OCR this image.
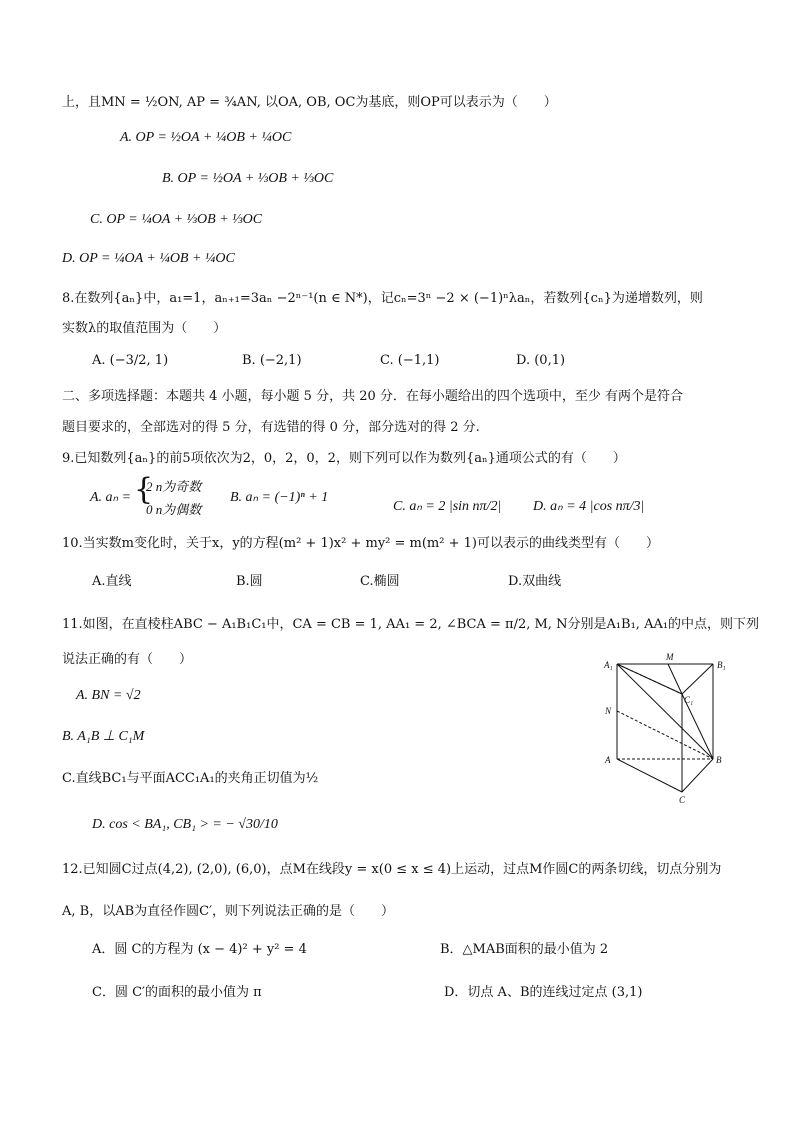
上，且MN = ½ON, AP = ¾AN, 以OA, OB, OC为基底，则OP可以表示为（　　）
A. OP = ½OA + ¼OB + ¼OC
B. OP = ½OA + ⅓OB + ⅓OC
C. OP = ¼OA + ⅓OB + ⅓OC
D. OP = ¼OA + ¼OB + ¼OC
8.在数列{aₙ}中，a₁=1，aₙ₊₁=3aₙ −2ⁿ⁻¹(n ∈ N*)，记cₙ=3ⁿ −2 × (−1)ⁿλaₙ，若数列{cₙ}为递增数列，则
实数λ的取值范围为（　　）
A. (−3/2, 1)	B. (−2,1)	C. (−1,1)	D. (0,1)
二、多项选择题：本题共 4 小题，每小题 5 分，共 20 分．在每小题给出的四个选项中，至少 有两个是符合
题目要求的，全部选对的得 5 分，有选错的得 0 分，部分选对的得 2 分.
9.已知数列{aₙ}的前5项依次为2，0，2，0，2，则下列可以作为数列{aₙ}通项公式的有（　　）
A. aₙ = {
2 n为奇数
0 n为偶数
B. aₙ = (−1)ⁿ + 1
C. aₙ = 2 |sin nπ/2| D. aₙ = 4 |cos nπ/3|
10.当实数m变化时，关于x，y的方程(m² + 1)x² + my² = m(m² + 1)可以表示的曲线类型有（　　）
A.直线	B.圆	C.椭圆	D.双曲线
11.如图，在直棱柱ABC − A₁B₁C₁中，CA = CB = 1, AA₁ = 2, ∠BCA = π/2, M, N分别是A₁B₁, AA₁的中点，则下列
说法正确的有（　　）
A. BN = √2
B. A₁B ⊥ C₁M
C.直线BC₁与平面ACC₁A₁的夹角正切值为½
D. cos < BA₁, CB₁ > = − √30/10
A₁
M
B₁
C₁
N
A	B
C
12.已知圆C过点(4,2), (2,0), (6,0)，点M在线段y = x(0 ≤ x ≤ 4)上运动，过点M作圆C的两条切线，切点分别为
A, B，以AB为直径作圆C′，则下列说法正确的是（　　）
A．圆 C的方程为 (x − 4)² + y² = 4	B．△MAB面积的最小值为 2
C．圆 C′的面积的最小值为 π	D．切点 A、B的连线过定点 (3,1)
